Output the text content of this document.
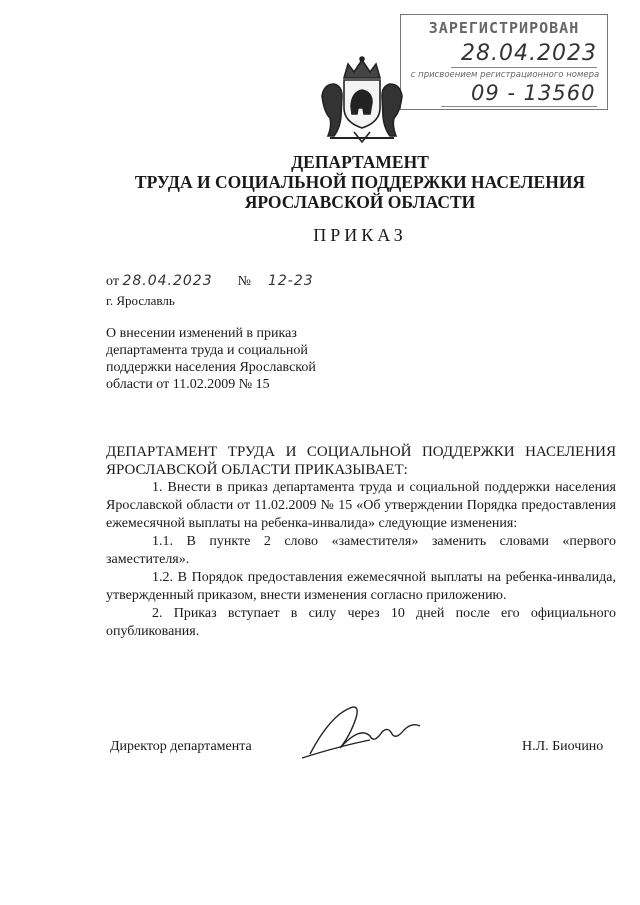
ЗАРЕГИСТРИРОВАН
28.04.2023
с присвоением регистрационного номера
09 - 13560
ДЕПАРТАМЕНТ
ТРУДА И СОЦИАЛЬНОЙ ПОДДЕРЖКИ НАСЕЛЕНИЯ
ЯРОСЛАВСКОЙ ОБЛАСТИ
ПРИКАЗ
от 28.04.2023 № 12-23
г. Ярославль
О внесении изменений в приказ департамента труда и социальной поддержки населения Ярославской области от 11.02.2009 № 15

ДЕПАРТАМЕНТ ТРУДА И СОЦИАЛЬНОЙ ПОДДЕРЖКИ НАСЕЛЕНИЯ ЯРОСЛАВСКОЙ ОБЛАСТИ ПРИКАЗЫВАЕТ:

1. Внести в приказ департамента труда и социальной поддержки населения Ярославской области от 11.02.2009 № 15 «Об утверждении Порядка предоставления ежемесячной выплаты на ребенка-инвалида» следующие изменения:

1.1. В пункте 2 слово «заместителя» заменить словами «первого заместителя».

1.2. В Порядок предоставления ежемесячной выплаты на ребенка-инвалида, утвержденный приказом, внести изменения согласно приложению.

2. Приказ вступает в силу через 10 дней после его официального опубликования.

Директор департамента	Н.Л. Биочино
